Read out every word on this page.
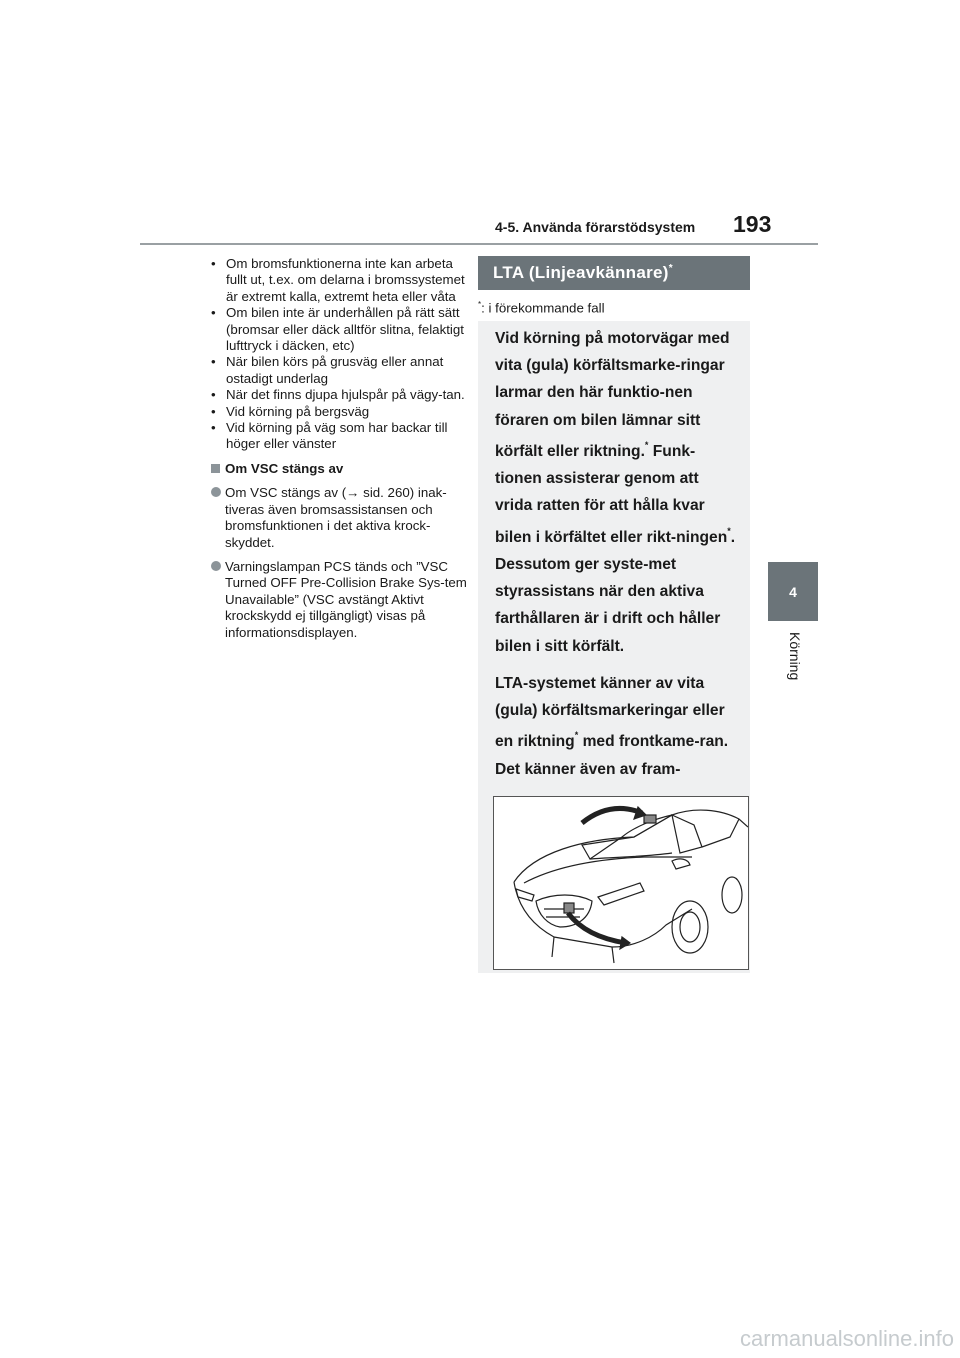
4-5. Använda förarstödsystem 193
4
Körning

• Om bromsfunktionerna inte kan arbeta fullt ut, t.ex. om delarna i bromssystemet är extremt kalla, extremt heta eller våta

• Om bilen inte är underhållen på rätt sätt (bromsar eller däck alltför slitna, felaktigt lufttryck i däcken, etc)

• När bilen körs på grusväg eller annat ostadigt underlag

• När det finns djupa hjulspår på vägy-tan.

• Vid körning på bergsväg

• Vid körning på väg som har backar till höger eller vänster

Om VSC stängs av
Om VSC stängs av (→ sid. 260) inak-tiveras även bromsassistansen och bromsfunktionen i det aktiva krock-skyddet.
Varningslampan PCS tänds och ”VSC Turned OFF Pre-Collision Brake Sys-tem Unavailable” (VSC avstängt Aktivt krockskydd ej tillgängligt) visas på informationsdisplayen.
LTA (Linjeavkännare)*
*: i förekommande fall

Vid körning på motorvägar med vita (gula) körfältsmarke-ringar larmar den här funktio-nen föraren om bilen lämnar sitt körfält eller riktning.* Funk-tionen assisterar genom att vrida ratten för att hålla kvar bilen i körfältet eller rikt-ningen*. Dessutom ger syste-met styrassistans när den aktiva farthållaren är i drift och håller bilen i sitt körfält.

LTA-systemet känner av vita (gula) körfältsmarkeringar eller en riktning* med frontkame-ran. Det känner även av fram-

carmanualsonline.info
